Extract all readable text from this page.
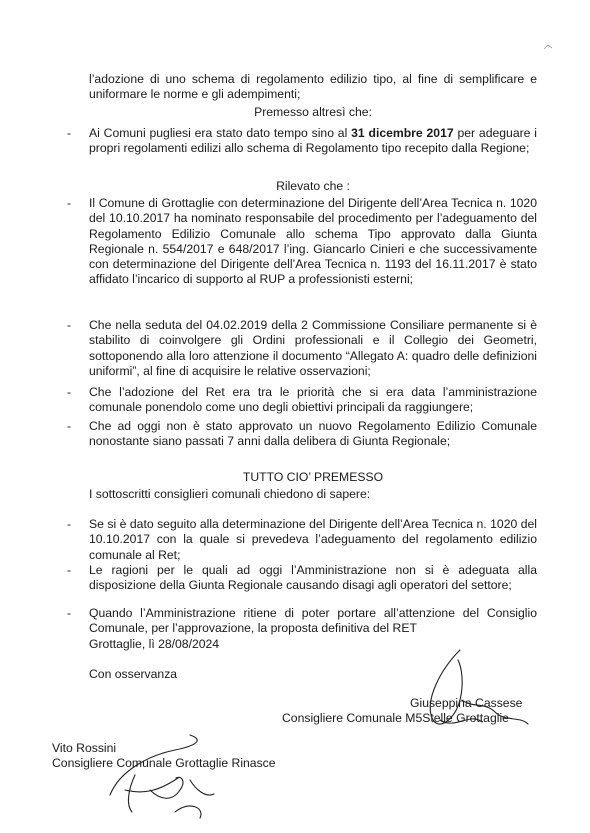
l’adozione di uno schema di regolamento edilizio tipo, al fine di semplificare e uniformare le norme e gli adempimenti;

Premesso altresì che:

-	Ai Comuni pugliesi era stato dato tempo sino al 31 dicembre 2017 per adeguare i propri regolamenti edilizi allo schema di Regolamento tipo recepito dalla Regione;

Rilevato che :

-	Il Comune di Grottaglie con determinazione del Dirigente dell’Area Tecnica n. 1020 del 10.10.2017 ha nominato responsabile del procedimento per l’adeguamento del Regolamento Edilizio Comunale allo schema Tipo approvato dalla Giunta Regionale n. 554/2017 e 648/2017 l’ing. Giancarlo Cinieri e che successivamente con determinazione del Dirigente dell’Area Tecnica n. 1193 del 16.11.2017 è stato affidato l’incarico di supporto al RUP a professionisti esterni;

-	Che nella seduta del 04.02.2019 della 2 Commissione Consiliare permanente si è stabilito di coinvolgere gli Ordini professionali e il Collegio dei Geometri, sottoponendo alla loro attenzione il documento “Allegato A: quadro delle definizioni uniformi”, al fine di acquisire le relative osservazioni;

-	Che l’adozione del Ret era tra le priorità che si era data l’amministrazione comunale ponendolo come uno degli obiettivi principali da raggiungere;

-	Che ad oggi non è stato approvato un nuovo Regolamento Edilizio Comunale nonostante siano passati 7 anni dalla delibera di Giunta Regionale;

TUTTO CIO’ PREMESSO

I sottoscritti consiglieri comunali chiedono di sapere:

-	Se si è dato seguito alla determinazione del Dirigente dell’Area Tecnica n. 1020 del 10.10.2017 con la quale si prevedeva l’adeguamento del regolamento edilizio comunale al Ret;

-	Le ragioni per le quali ad oggi l’Amministrazione non si è adeguata alla disposizione della Giunta Regionale causando disagi agli operatori del settore;

-	Quando l’Amministrazione ritiene di poter portare all’attenzione del Consiglio Comunale, per l’approvazione, la proposta definitiva del RET

Grottaglie, lì 28/08/2024

Con osservanza

Giuseppina Cassese

Consigliere Comunale M5Stelle Grottaglie

Vito Rossini

Consigliere Comunale Grottaglie Rinasce
